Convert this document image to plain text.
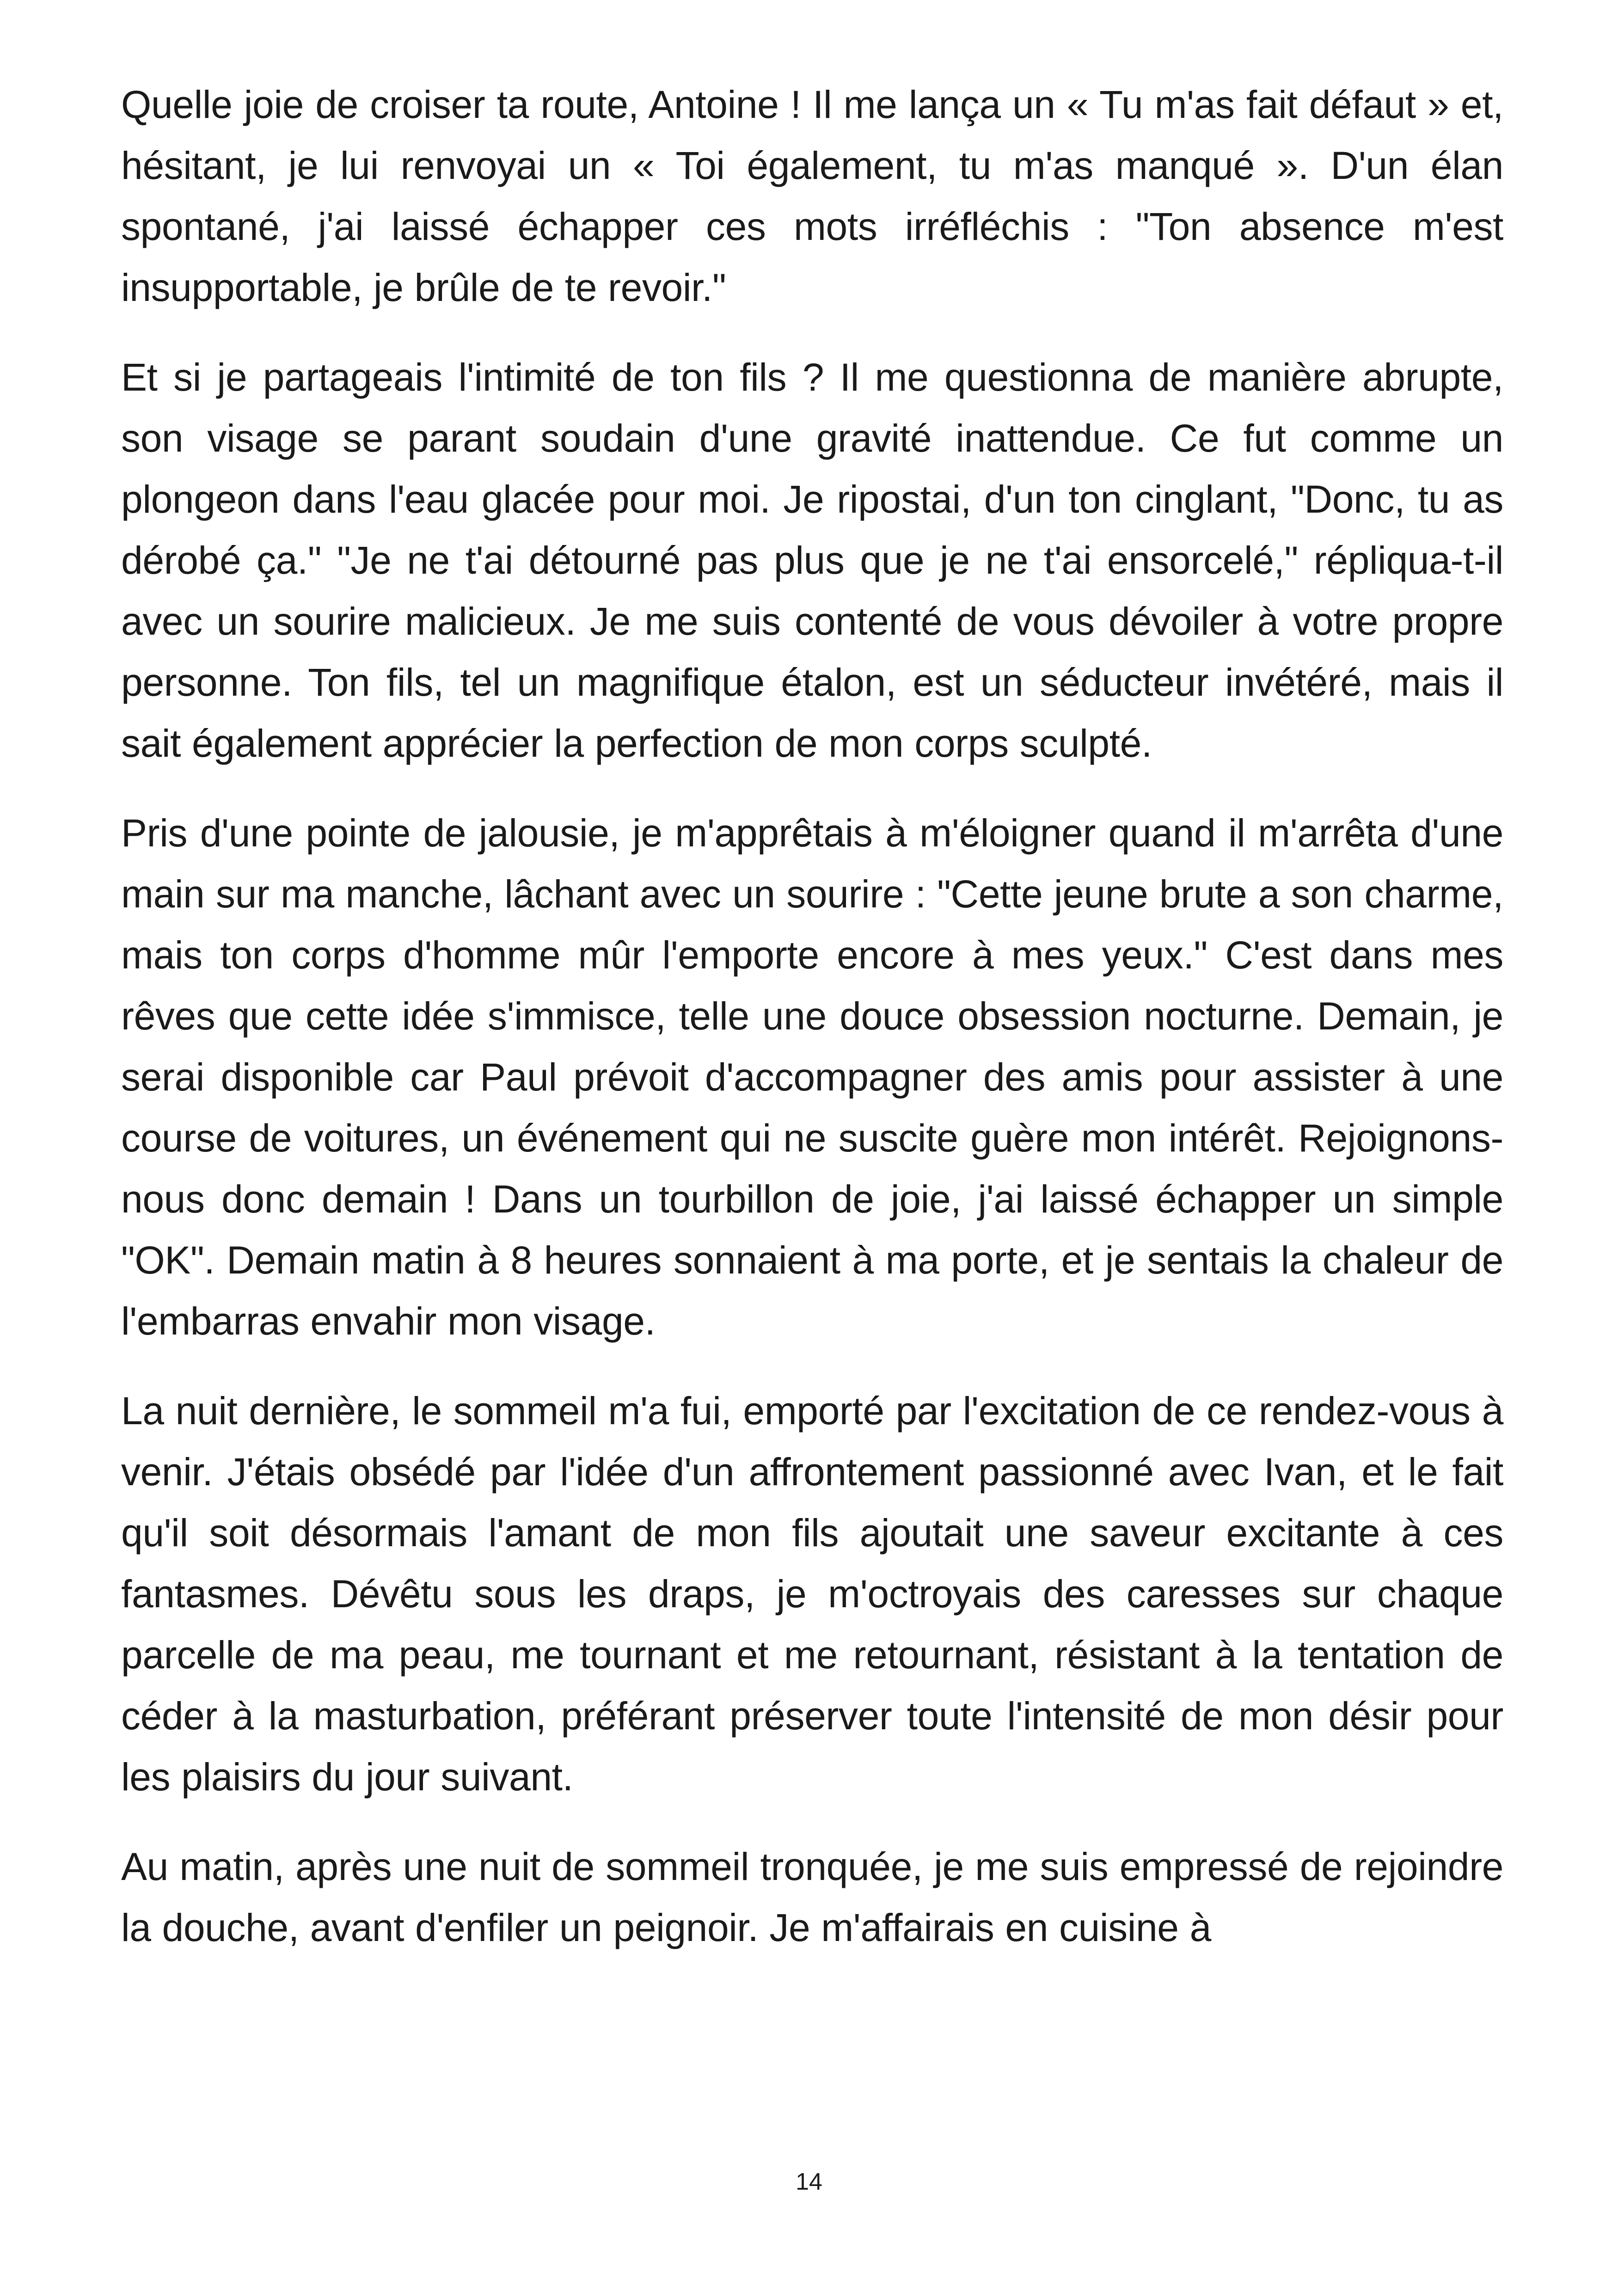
Quelle joie de croiser ta route, Antoine ! Il me lança un « Tu m'as fait défaut » et, hésitant, je lui renvoyai un « Toi également, tu m'as manqué ». D'un élan spontané, j'ai laissé échapper ces mots irréfléchis : "Ton absence m'est insupportable, je brûle de te revoir."

Et si je partageais l'intimité de ton fils ? Il me questionna de manière abrupte, son visage se parant soudain d'une gravité inattendue. Ce fut comme un plongeon dans l'eau glacée pour moi. Je ripostai, d'un ton cinglant, "Donc, tu as dérobé ça." "Je ne t'ai détourné pas plus que je ne t'ai ensorcelé," répliqua-t-il avec un sourire malicieux. Je me suis contenté de vous dévoiler à votre propre personne. Ton fils, tel un magnifique étalon, est un séducteur invétéré, mais il sait également apprécier la perfection de mon corps sculpté.

Pris d'une pointe de jalousie, je m'apprêtais à m'éloigner quand il m'arrêta d'une main sur ma manche, lâchant avec un sourire : "Cette jeune brute a son charme, mais ton corps d'homme mûr l'emporte encore à mes yeux." C'est dans mes rêves que cette idée s'immisce, telle une douce obsession nocturne. Demain, je serai disponible car Paul prévoit d'accompagner des amis pour assister à une course de voitures, un événement qui ne suscite guère mon intérêt. Rejoignons-nous donc demain ! Dans un tourbillon de joie, j'ai laissé échapper un simple "OK". Demain matin à 8 heures sonnaient à ma porte, et je sentais la chaleur de l'embarras envahir mon visage.

La nuit dernière, le sommeil m'a fui, emporté par l'excitation de ce rendez-vous à venir. J'étais obsédé par l'idée d'un affrontement passionné avec Ivan, et le fait qu'il soit désormais l'amant de mon fils ajoutait une saveur excitante à ces fantasmes. Dévêtu sous les draps, je m'octroyais des caresses sur chaque parcelle de ma peau, me tournant et me retournant, résistant à la tentation de céder à la masturbation, préférant préserver toute l'intensité de mon désir pour les plaisirs du jour suivant.

Au matin, après une nuit de sommeil tronquée, je me suis empressé de rejoindre la douche, avant d'enfiler un peignoir. Je m'affairais en cuisine à

14
